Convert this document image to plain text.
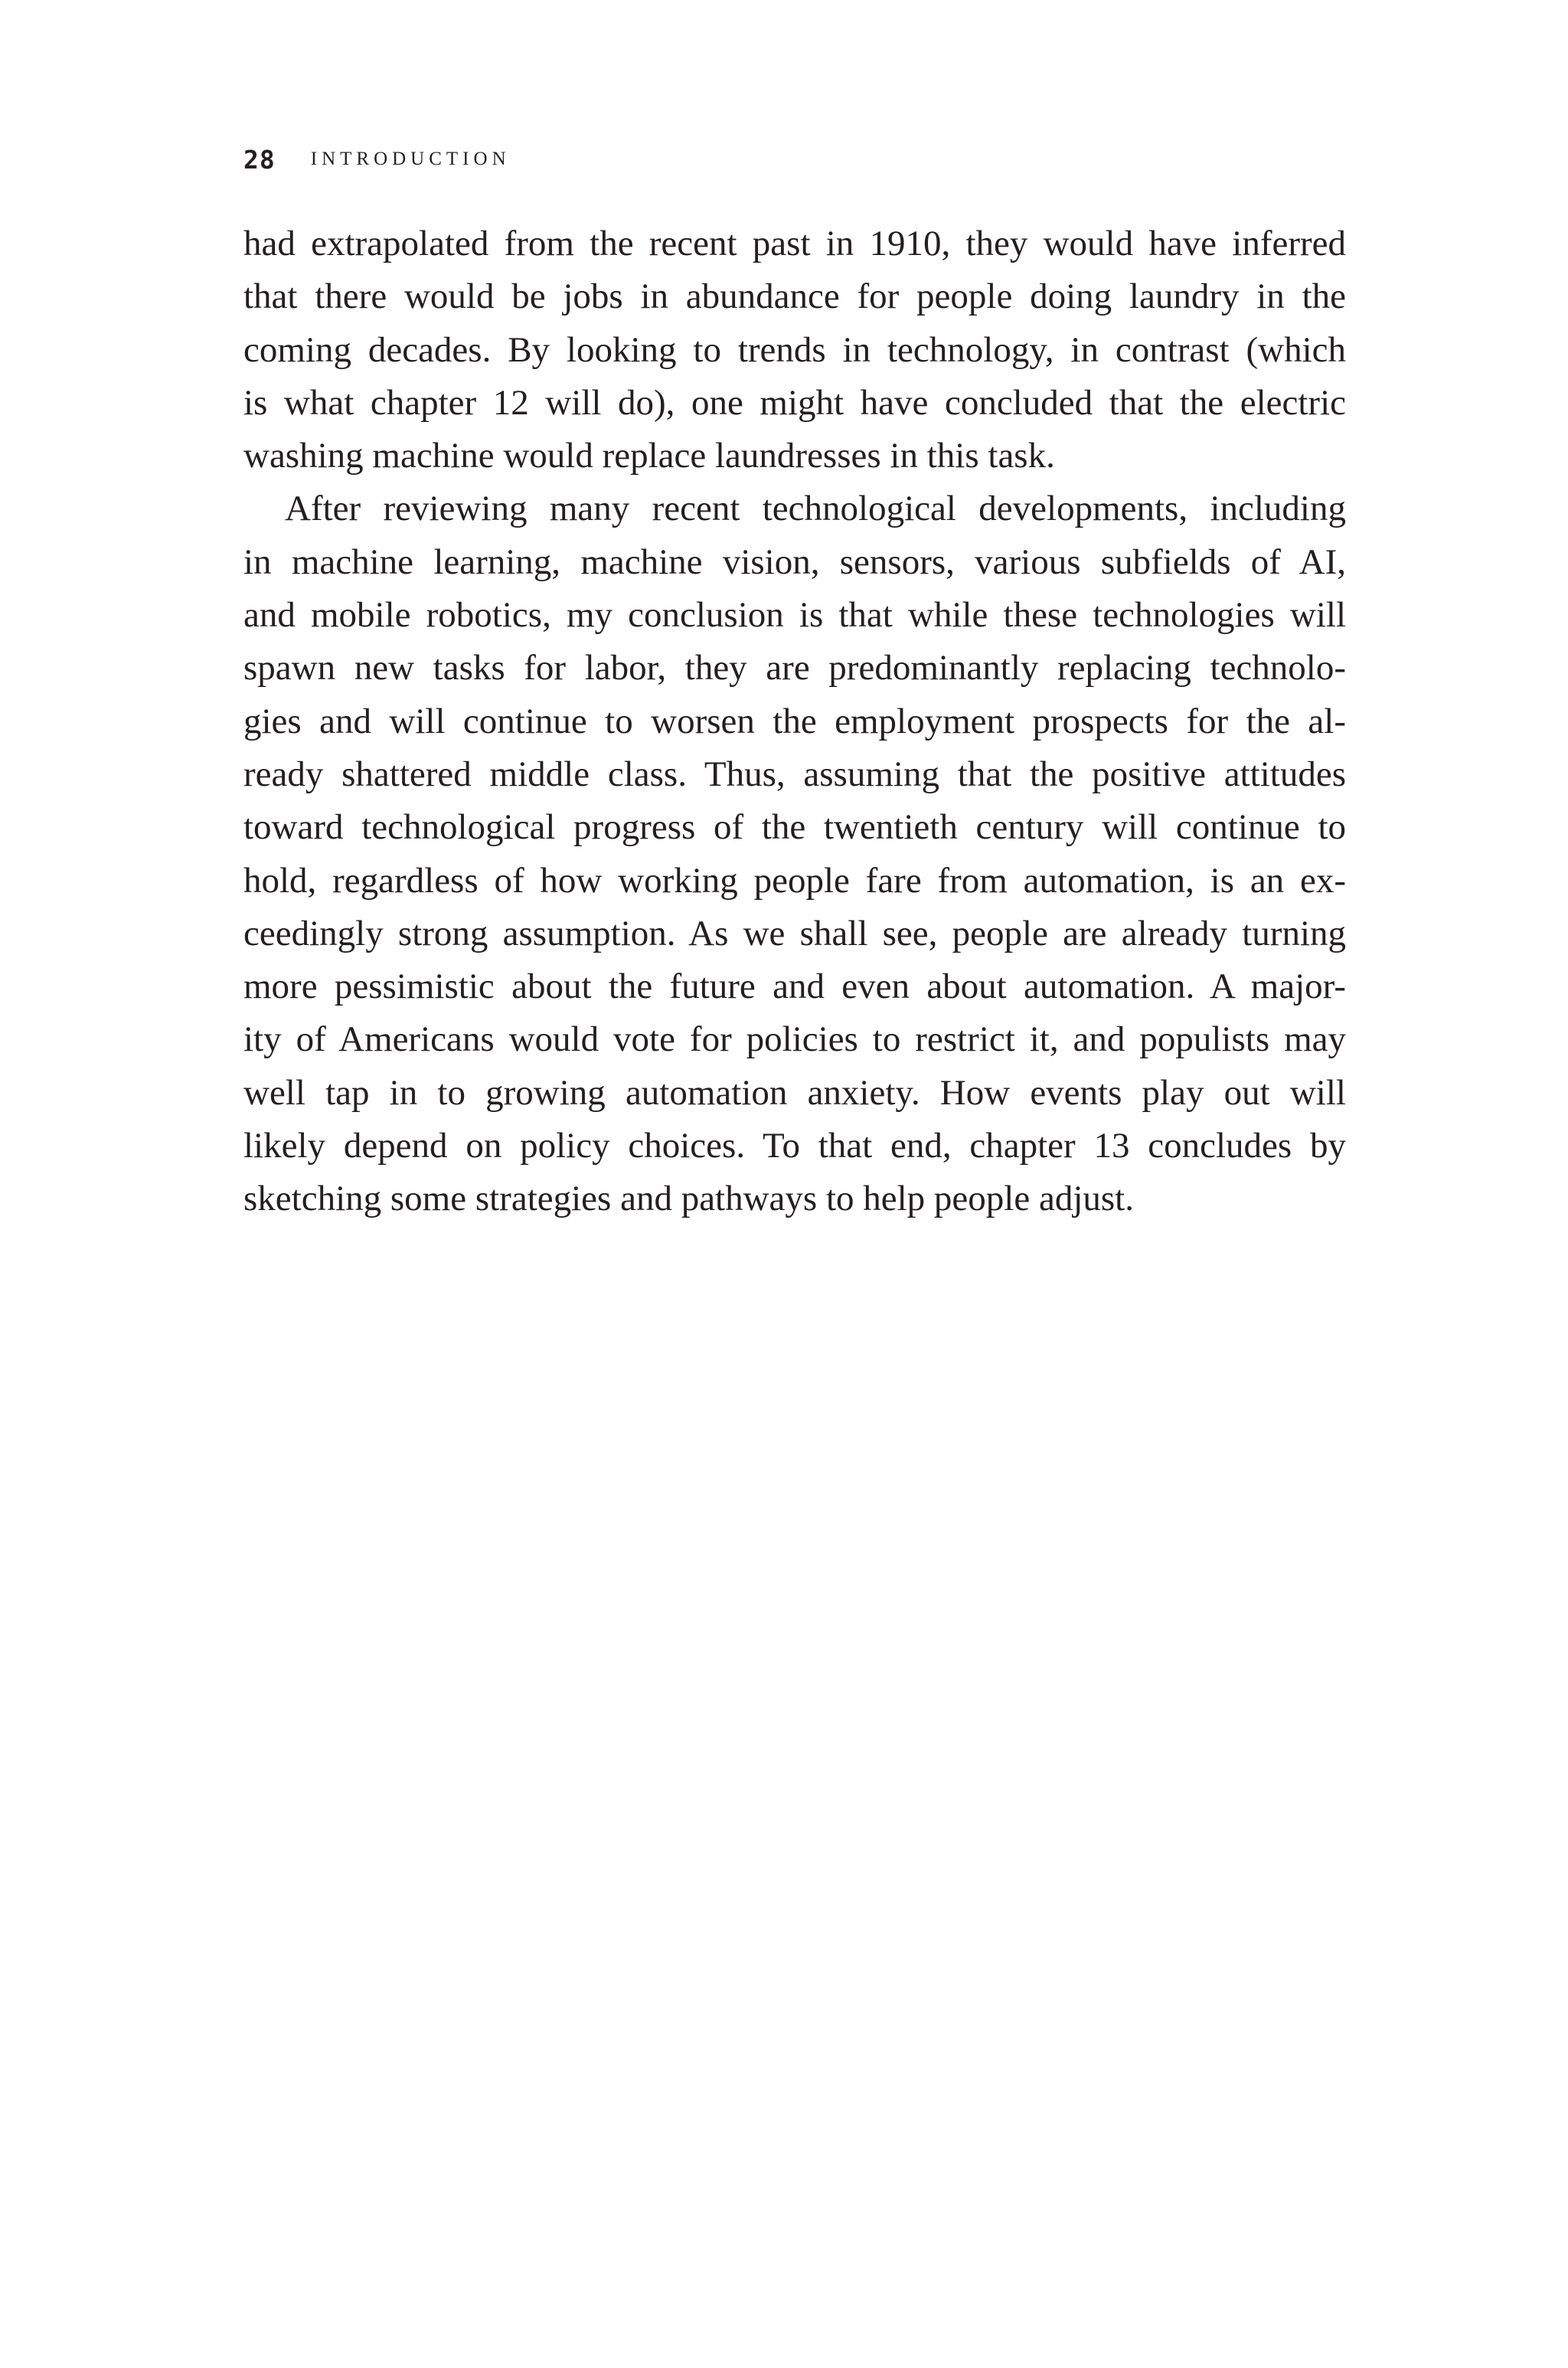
28 INTRODUCTION
had extrapolated from the recent past in 1910, they would have inferred
that there would be jobs in abundance for people doing laundry in the
coming decades. By looking to trends in technology, in contrast (which
is what chapter 12 will do), one might have concluded that the electric
washing machine would replace laundresses in this task.
After reviewing many recent technological developments, including
in machine learning, machine vision, sensors, various subfields of AI,
and mobile robotics, my conclusion is that while these technologies will
spawn new tasks for labor, they are predominantly replacing technolo-
gies and will continue to worsen the employment prospects for the al-
ready shattered middle class. Thus, assuming that the positive attitudes
toward technological progress of the twentieth century will continue to
hold, regardless of how working people fare from automation, is an ex-
ceedingly strong assumption. As we shall see, people are already turning
more pessimistic about the future and even about automation. A major-
ity of Americans would vote for policies to restrict it, and populists may
well tap in to growing automation anxiety. How events play out will
likely depend on policy choices. To that end, chapter 13 concludes by
sketching some strategies and pathways to help people adjust.
